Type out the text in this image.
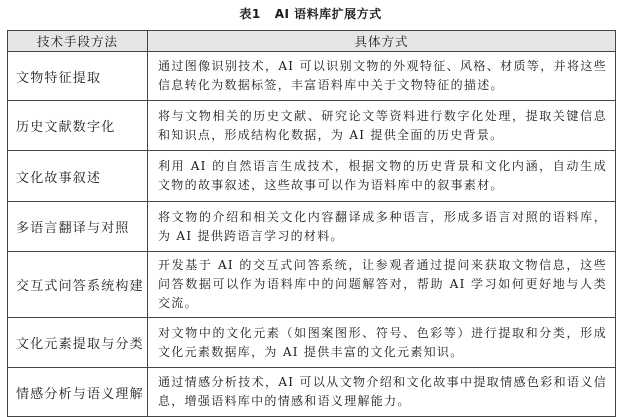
表1 AI 语料库扩展方式
技术手段方法	具体方式
文物特征提取	通过图像识别技术，AI 可以识别文物的外观特征、风格、材质等，并将这些信息转化为数据标签，丰富语料库中关于文物特征的描述。
历史文献数字化	将与文物相关的历史文献、研究论文等资料进行数字化处理，提取关键信息和知识点，形成结构化数据，为 AI 提供全面的历史背景。
文化故事叙述	利用 AI 的自然语言生成技术，根据文物的历史背景和文化内涵，自动生成文物的故事叙述，这些故事可以作为语料库中的叙事素材。
多语言翻译与对照	将文物的介绍和相关文化内容翻译成多种语言，形成多语言对照的语料库，为 AI 提供跨语言学习的材料。
交互式问答系统构建	开发基于 AI 的交互式问答系统，让参观者通过提问来获取文物信息，这些问答数据可以作为语料库中的问题解答对，帮助 AI 学习如何更好地与人类交流。
文化元素提取与分类	对文物中的文化元素（如图案图形、符号、色彩等）进行提取和分类，形成文化元素数据库，为 AI 提供丰富的文化元素知识。
情感分析与语义理解	通过情感分析技术，AI 可以从文物介绍和文化故事中提取情感色彩和语义信息，增强语料库中的情感和语义理解能力。
